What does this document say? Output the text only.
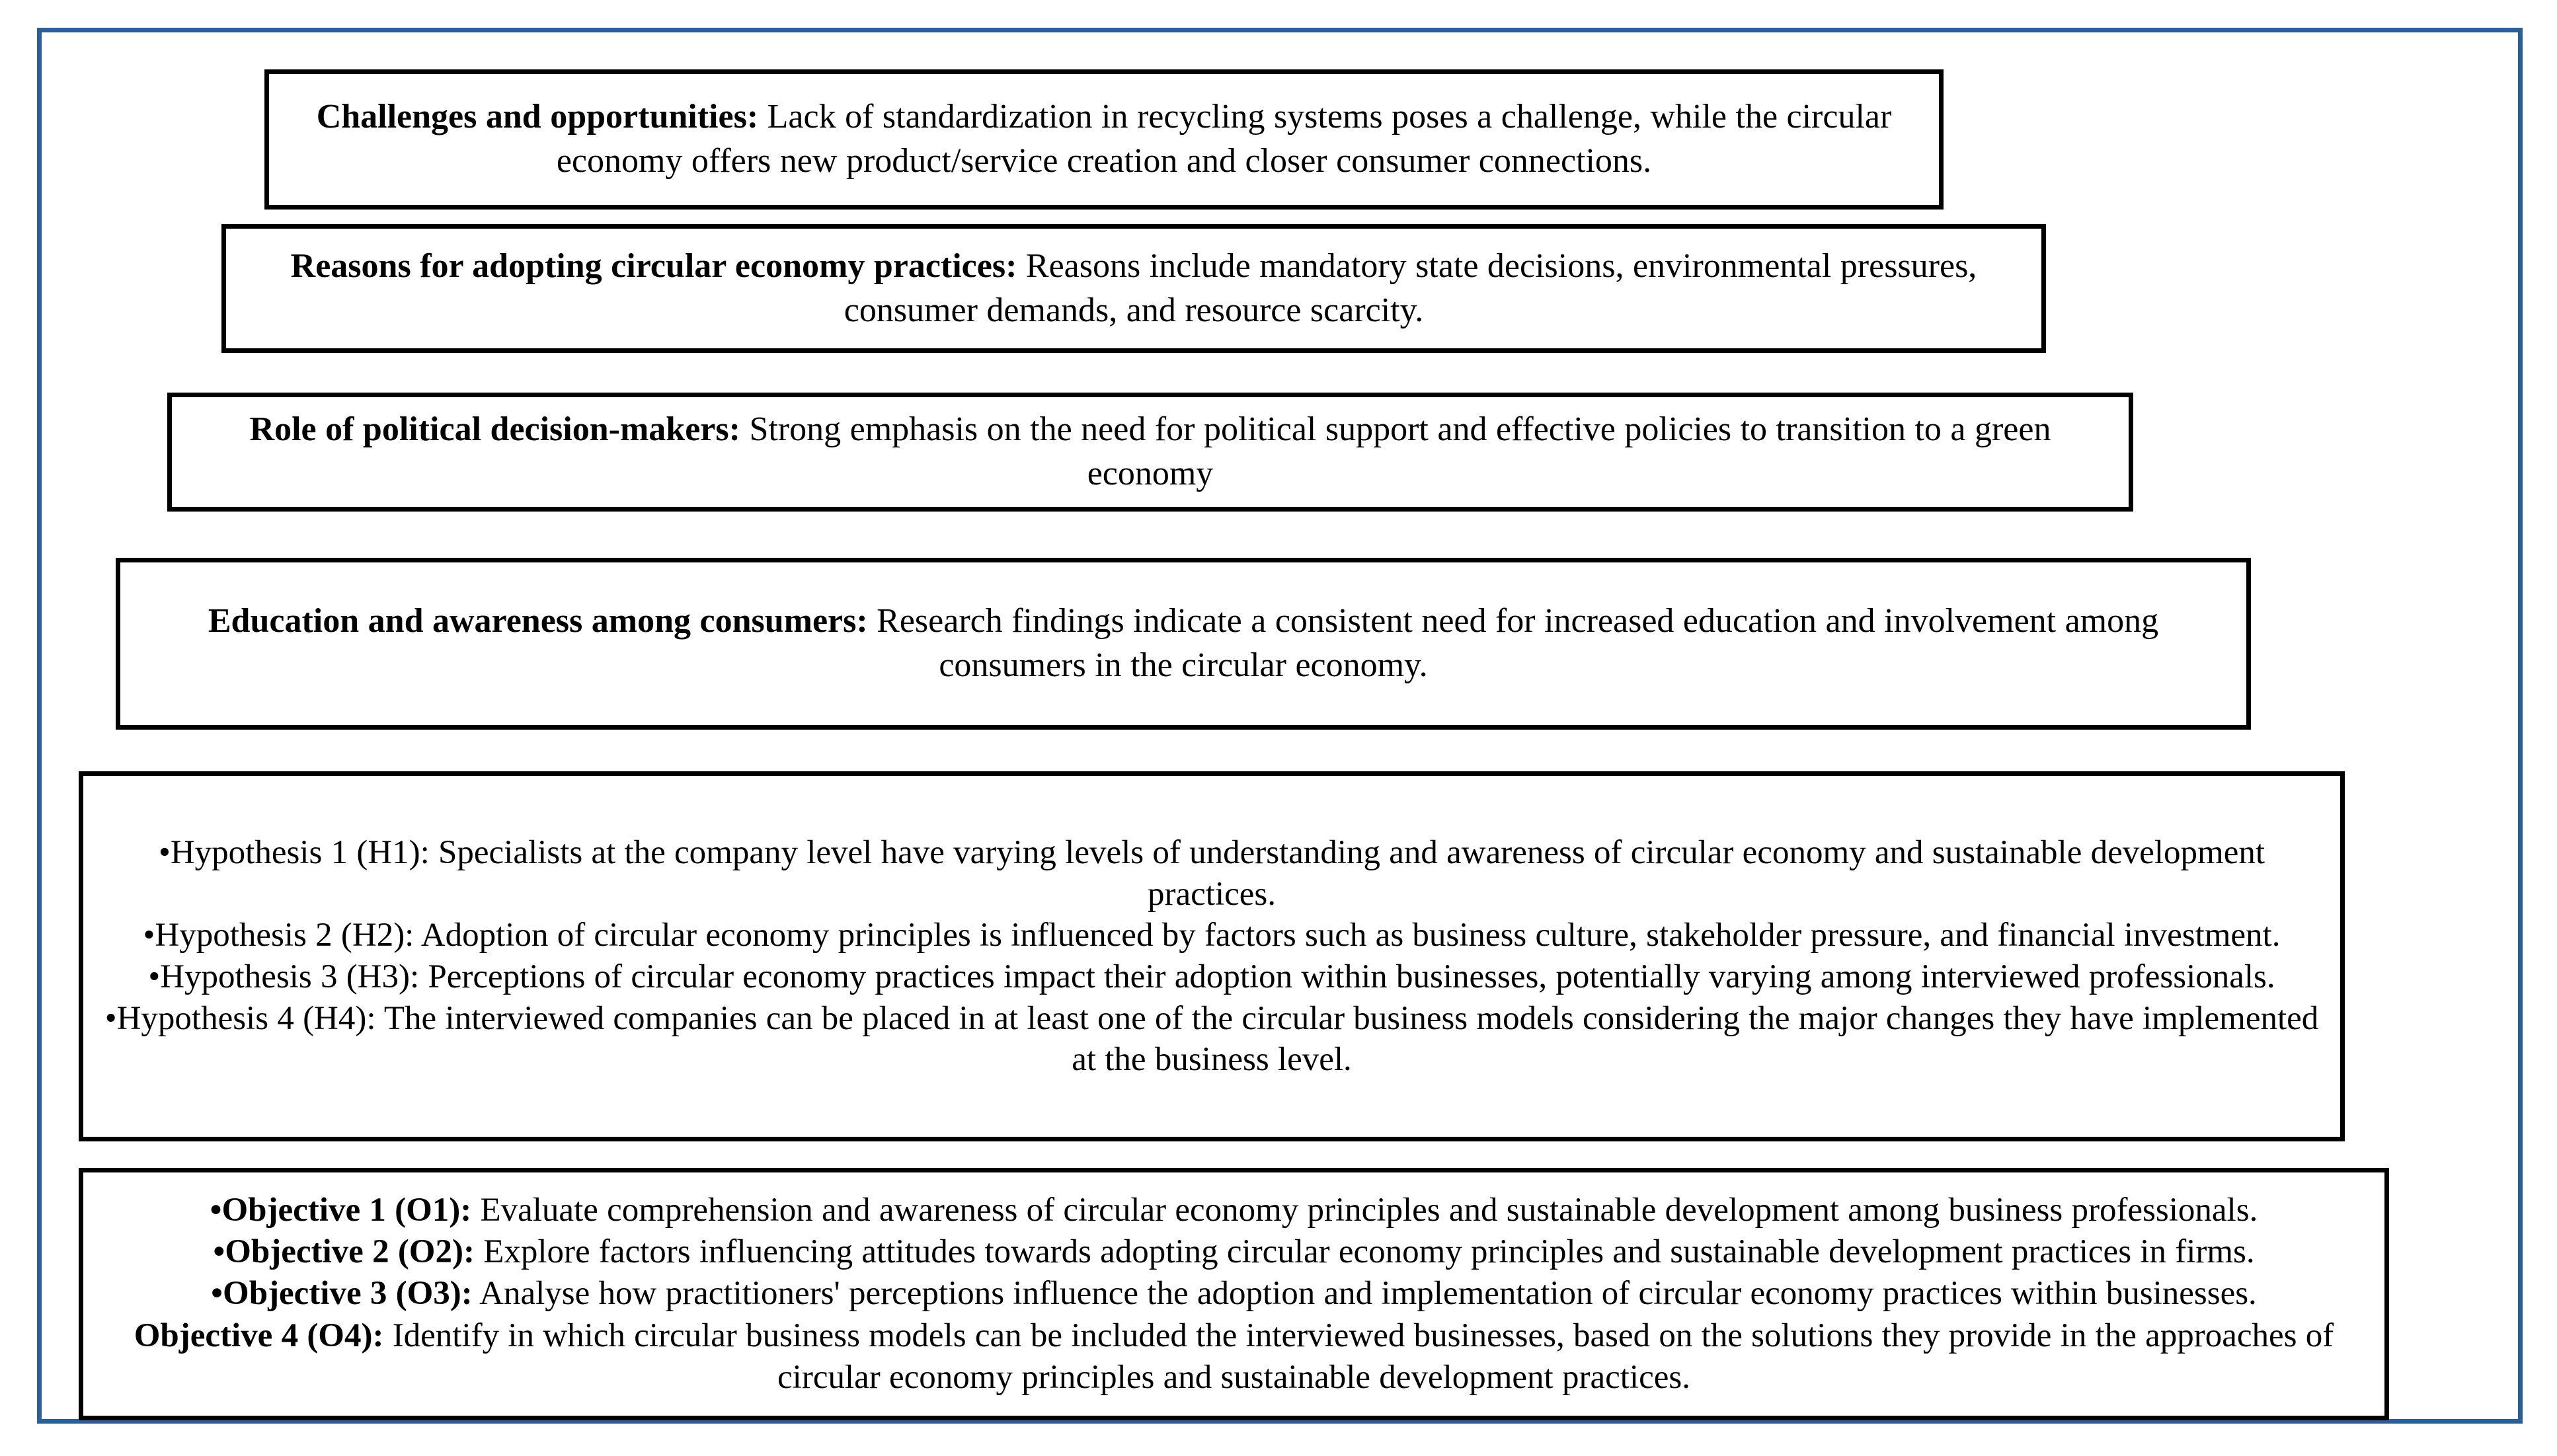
Challenges and opportunities: Lack of standardization in recycling systems poses a challenge, while the circular economy offers new product/service creation and closer consumer connections.

Reasons for adopting circular economy practices: Reasons include mandatory state decisions, environmental pressures, consumer demands, and resource scarcity.

Role of political decision-makers: Strong emphasis on the need for political support and effective policies to transition to a green economy

Education and awareness among consumers: Research findings indicate a consistent need for increased education and involvement among consumers in the circular economy.

•Hypothesis 1 (H1): Specialists at the company level have varying levels of understanding and awareness of circular economy and sustainable development practices.

•Hypothesis 2 (H2): Adoption of circular economy principles is influenced by factors such as business culture, stakeholder pressure, and financial investment.

•Hypothesis 3 (H3): Perceptions of circular economy practices impact their adoption within businesses, potentially varying among interviewed professionals.

•Hypothesis 4 (H4): The interviewed companies can be placed in at least one of the circular business models considering the major changes they have implemented at the business level.

•Objective 1 (O1): Evaluate comprehension and awareness of circular economy principles and sustainable development among business professionals.

•Objective 2 (O2): Explore factors influencing attitudes towards adopting circular economy principles and sustainable development practices in firms.

•Objective 3 (O3): Analyse how practitioners' perceptions influence the adoption and implementation of circular economy practices within businesses.

Objective 4 (O4): Identify in which circular business models can be included the interviewed businesses, based on the solutions they provide in the approaches of circular economy principles and sustainable development practices.
